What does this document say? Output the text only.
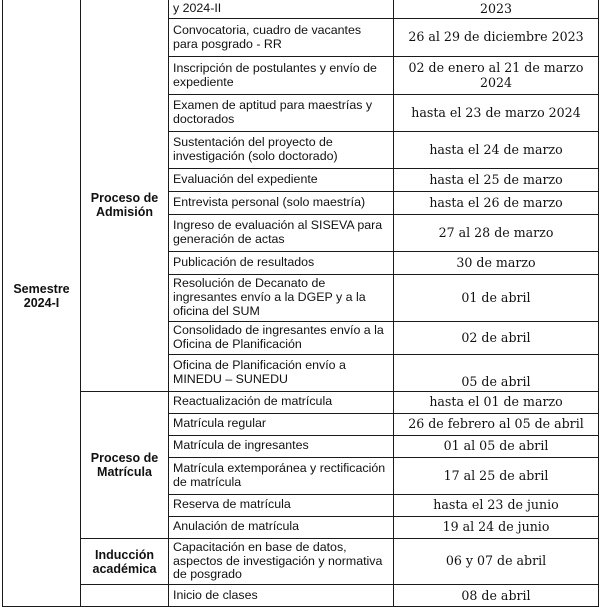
Semestre 2024-I		y 2024-II	2023
	Proceso de Admisión	Convocatoria, cuadro de vacantes para posgrado - RR	26 al 29 de diciembre 2023
		Inscripción de postulantes y envío de expediente	02 de enero al 21 de marzo 2024
		Examen de aptitud para maestrías y doctorados	hasta el 23 de marzo 2024
		Sustentación del proyecto de investigación (solo doctorado)	hasta el 24 de marzo
		Evaluación del expediente	hasta el 25 de marzo
		Entrevista personal (solo maestría)	hasta el 26 de marzo
		Ingreso de evaluación al SISEVA para generación de actas	27 al 28 de marzo
		Publicación de resultados	30 de marzo
		Resolución de Decanato de ingresantes envío a la DGEP y a la oficina del SUM	01 de abril
		Consolidado de ingresantes envío a la Oficina de Planificación	02 de abril
		Oficina de Planificación envío a MINEDU – SUNEDU	05 de abril
	Proceso de Matrícula	Reactualización de matrícula	hasta el 01 de marzo
		Matrícula regular	26 de febrero al 05 de abril
		Matrícula de ingresantes	01 al 05 de abril
		Matrícula extemporánea y rectificación de matrícula	17 al 25 de abril
		Reserva de matrícula	hasta el 23 de junio
		Anulación de matrícula	19 al 24 de junio
	Inducción académica	Capacitación en base de datos, aspectos de investigación y normativa de posgrado	06 y 07 de abril
		Inicio de clases	08 de abril
